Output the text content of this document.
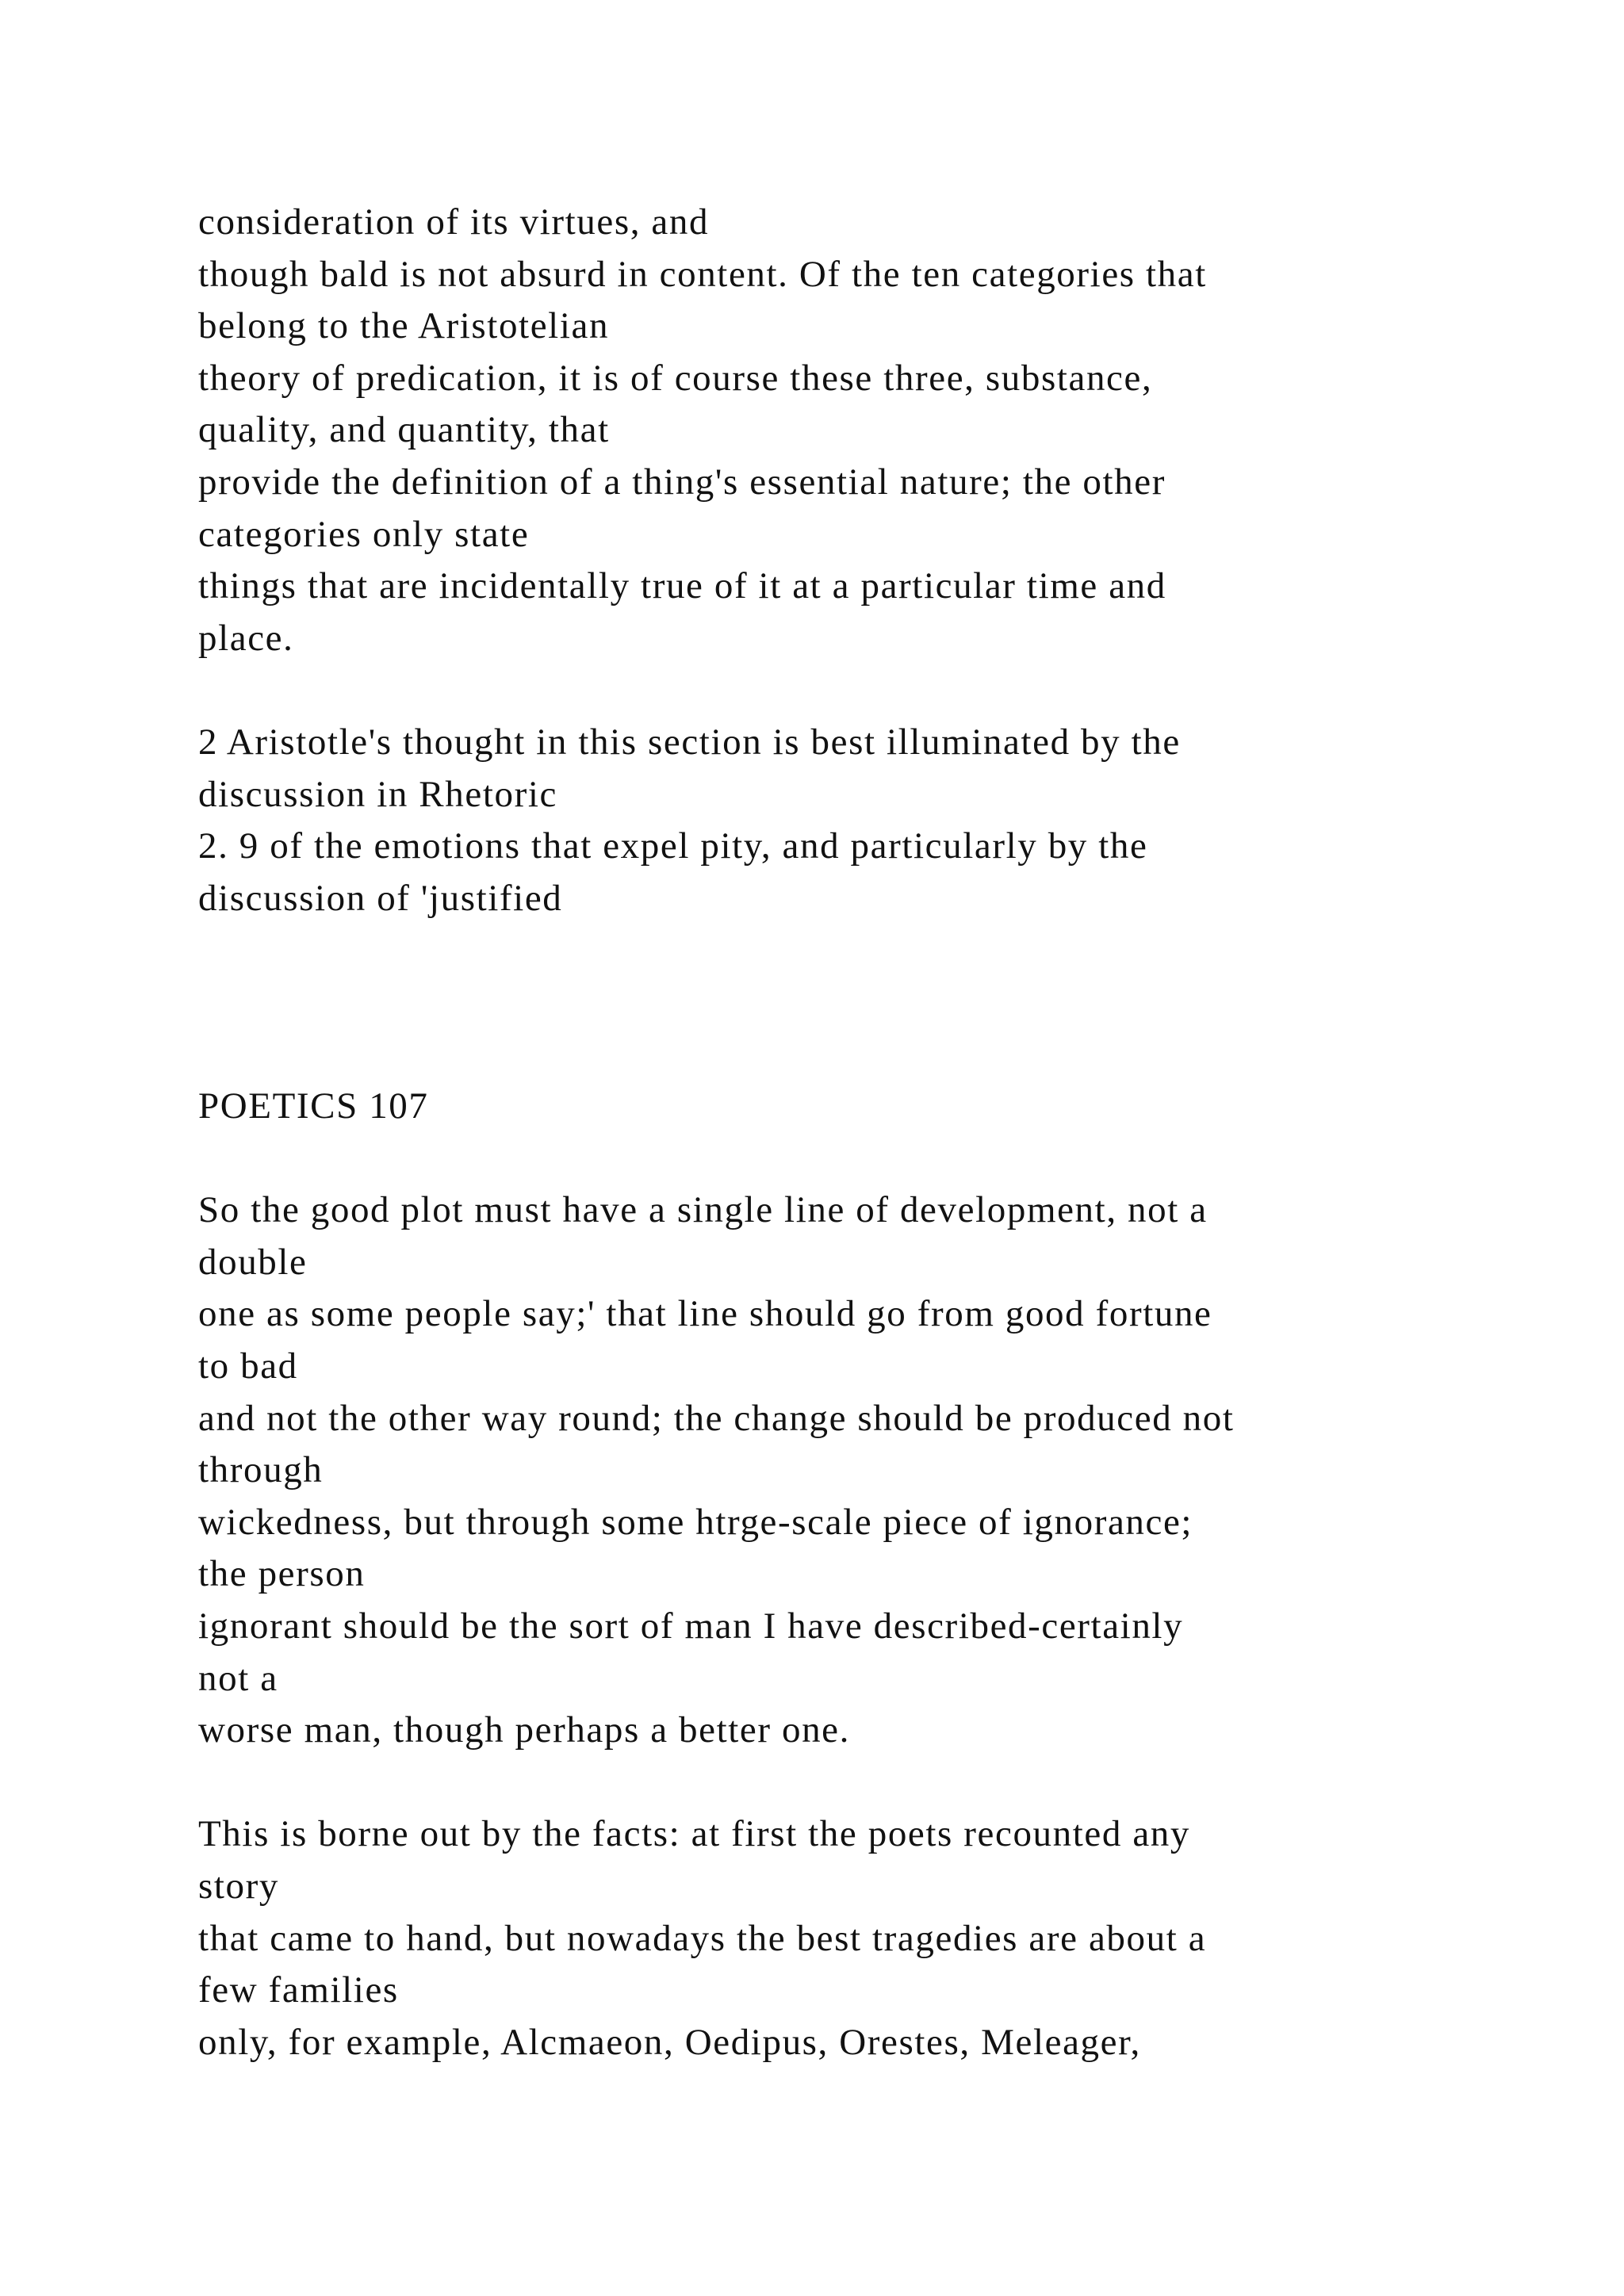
consideration of its virtues, and
though bald is not absurd in content. Of the ten categories that
belong to the Aristotelian
theory of predication, it is of course these three, substance,
quality, and quantity, that
provide the definition of a thing's essential nature; the other
categories only state
things that are incidentally true of it at a particular time and
place.
2 Aristotle's thought in this section is best illuminated by the
discussion in Rhetoric
2. 9 of the emotions that expel pity, and particularly by the
discussion of 'justified
POETICS 107
So the good plot must have a single line of development, not a
double
one as some people say;' that line should go from good fortune
to bad
and not the other way round; the change should be produced not
through
wickedness, but through some htrge-scale piece of ignorance;
the person
ignorant should be the sort of man I have described-certainly
not a
worse man, though perhaps a better one.
This is borne out by the facts: at first the poets recounted any
story
that came to hand, but nowadays the best tragedies are about a
few families
only, for example, Alcmaeon, Oedipus, Orestes, Meleager,
